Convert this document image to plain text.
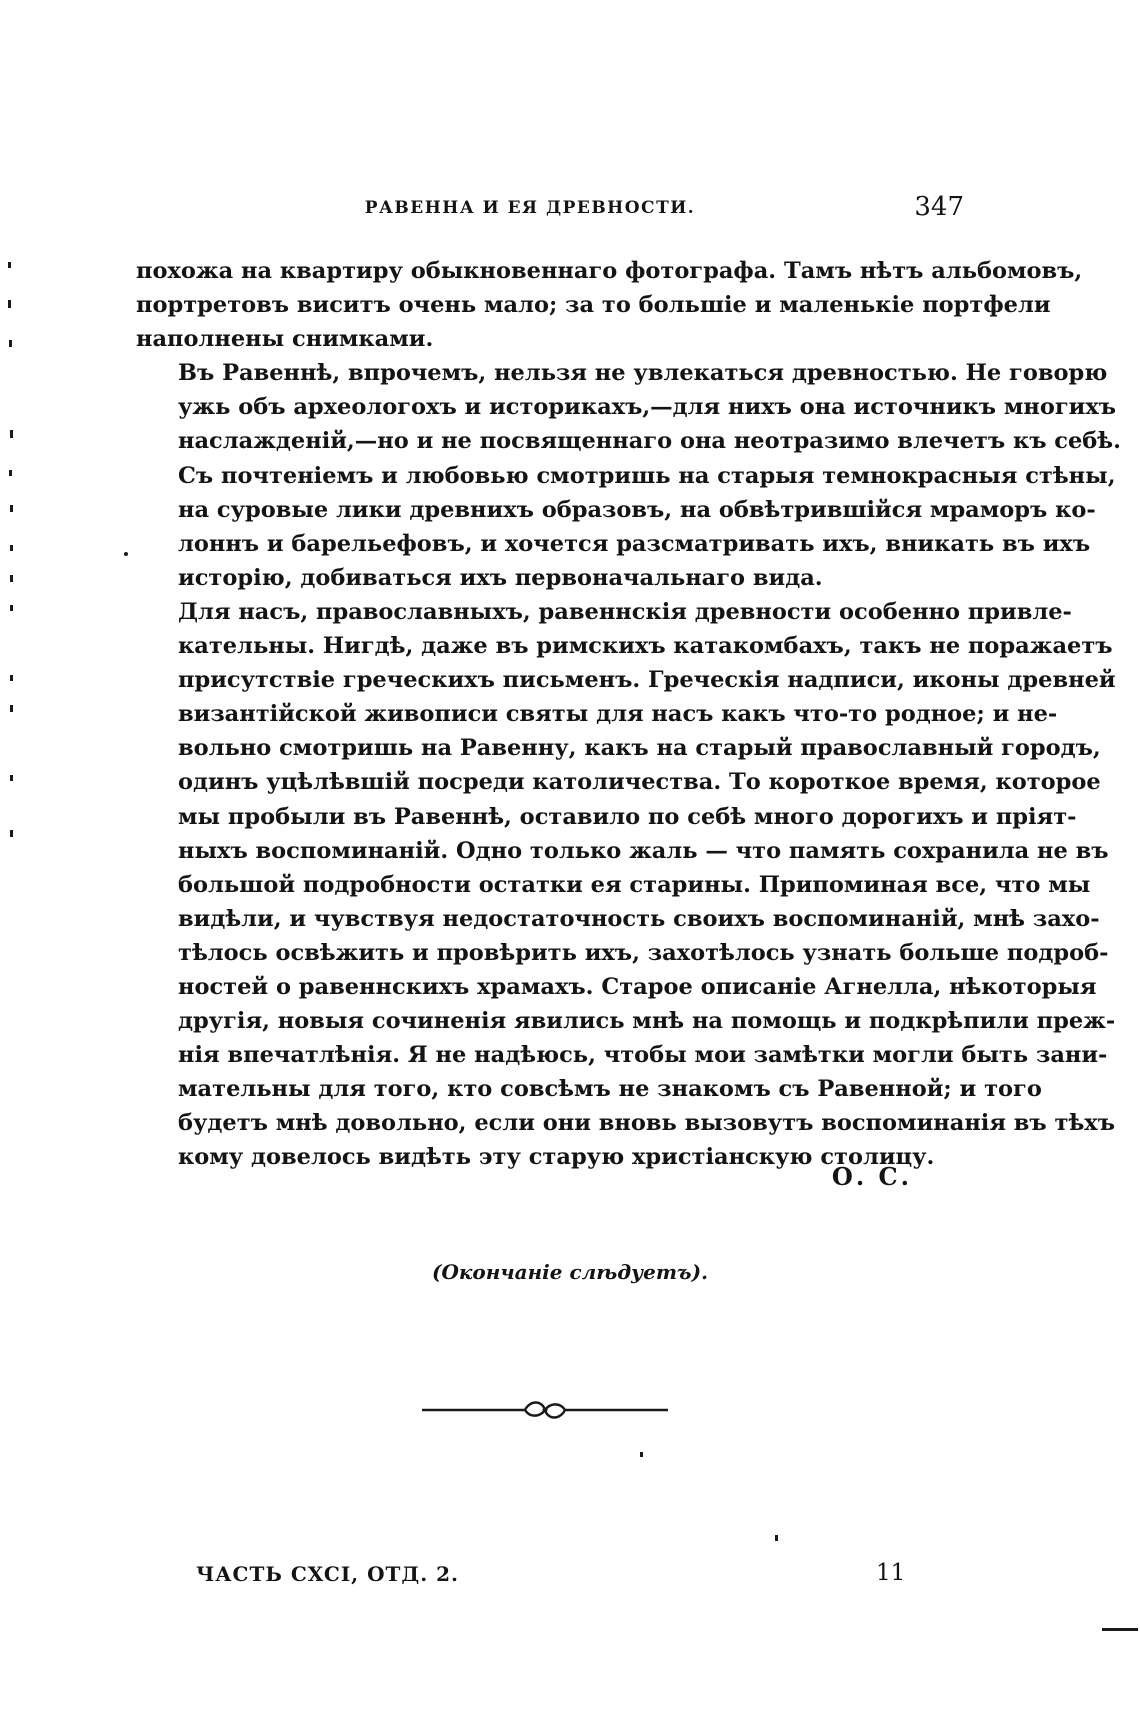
РАВЕННА И ЕЯ ДРЕВНОСТИ.	347

похожа на квартиру обыкновеннаго фотографа. Тамъ нѣтъ альбомовъ,
портретовъ виситъ очень мало; за то большіе и маленькіе портфели
наполнены снимками.

Въ Равеннѣ, впрочемъ, нельзя не увлекаться древностью. Не говорю
ужь объ археологохъ и историкахъ,—для нихъ она источникъ многихъ
наслажденій,—но и не посвященнаго она неотразимо влечетъ къ себѣ.
Съ почтеніемъ и любовью смотришь на старыя темнокрасныя стѣны,
на суровые лики древнихъ образовъ, на обвѣтрившійся мраморъ ко-
лоннъ и барельефовъ, и хочется разсматривать ихъ, вникать въ ихъ
исторію, добиваться ихъ первоначальнаго вида.

Для насъ, православныхъ, равеннскія древности особенно привле-
кательны. Нигдѣ, даже въ римскихъ катакомбахъ, такъ не поражаетъ
присутствіе греческихъ письменъ. Греческія надписи, иконы древней
византійской живописи святы для насъ какъ что-то родное; и не-
вольно смотришь на Равенну, какъ на старый православный городъ,
одинъ уцѣлѣвшій посреди католичества. То короткое время, которое
мы пробыли въ Равеннѣ, оставило по себѣ много дорогихъ и пріят-
ныхъ воспоминаній. Одно только жаль — что память сохранила не въ
большой подробности остатки ея старины. Припоминая все, что мы
видѣли, и чувствуя недостаточность своихъ воспоминаній, мнѣ захо-
тѣлось освѣжить и провѣрить ихъ, захотѣлось узнать больше подроб-
ностей о равеннскихъ храмахъ. Старое описаніе Агнелла, нѣкоторыя
другія, новыя сочиненія явились мнѣ на помощь и подкрѣпили преж-
нія впечатлѣнія. Я не надѣюсь, чтобы мои замѣтки могли быть зани-
мательны для того, кто совсѣмъ не знакомъ съ Равенной; и того
будетъ мнѣ довольно, если они вновь вызовутъ воспоминанія въ тѣхъ
кому довелось видѣть эту старую христіанскую столицу.

О. С.
(Окончаніе слѣдуетъ).
ЧАСТЬ CXCI, ОТД. 2.	11
